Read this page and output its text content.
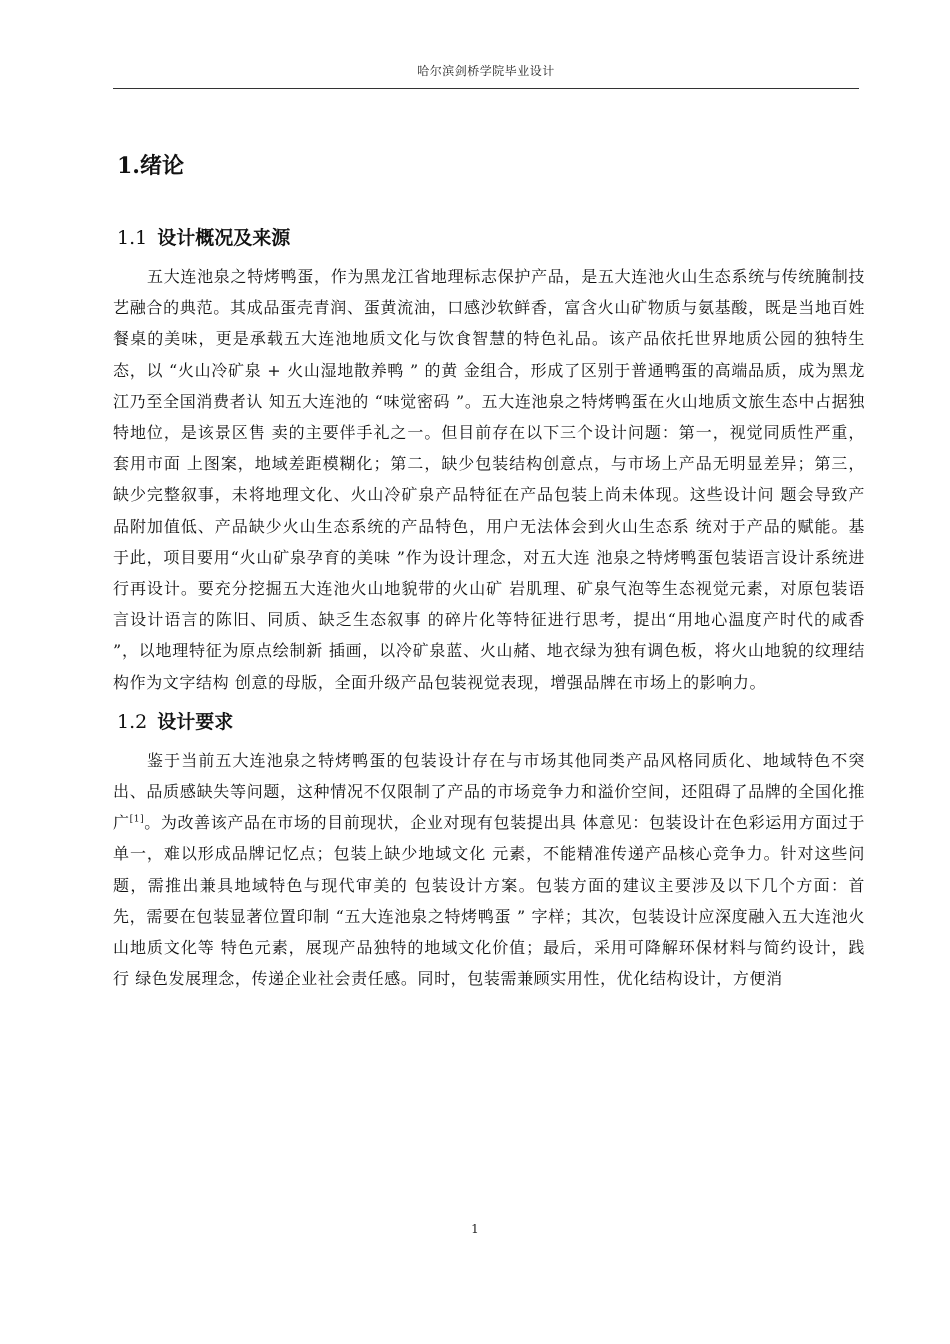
哈尔滨剑桥学院毕业设计
1.绪论
1.1 设计概况及来源

五大连池泉之特烤鸭蛋，作为黑龙江省地理标志保护产品，是五大连池火山生态系统与传统腌制技艺融合的典范。其成品蛋壳青润、蛋黄流油，口感沙软鲜香，富含火山矿物质与氨基酸，既是当地百姓餐桌的美味，更是承载五大连池地质文化与饮食智慧的特色礼品。该产品依托世界地质公园的独特生态，以 “火山冷矿泉 + 火山湿地散养鸭 ” 的黄 金组合，形成了区别于普通鸭蛋的高端品质，成为黑龙江乃至全国消费者认 知五大连池的 “味觉密码 ”。五大连池泉之特烤鸭蛋在火山地质文旅生态中占据独特地位，是该景区售 卖的主要伴手礼之一。但目前存在以下三个设计问题：第一，视觉同质性严重，套用市面 上图案，地域差距模糊化；第二，缺少包装结构创意点，与市场上产品无明显差异；第三， 缺少完整叙事，未将地理文化、火山冷矿泉产品特征在产品包装上尚未体现。这些设计问 题会导致产品附加值低、产品缺少火山生态系统的产品特色，用户无法体会到火山生态系 统对于产品的赋能。基于此，项目要用“火山矿泉孕育的美味 ”作为设计理念，对五大连 池泉之特烤鸭蛋包装语言设计系统进行再设计。要充分挖掘五大连池火山地貌带的火山矿 岩肌理、矿泉气泡等生态视觉元素，对原包装语言设计语言的陈旧、同质、缺乏生态叙事 的碎片化等特征进行思考，提出“用地心温度产时代的咸香 ”，以地理特征为原点绘制新 插画，以冷矿泉蓝、火山赭、地衣绿为独有调色板，将火山地貌的纹理结构作为文字结构 创意的母版，全面升级产品包装视觉表现，增强品牌在市场上的影响力。

1.2 设计要求

鉴于当前五大连池泉之特烤鸭蛋的包装设计存在与市场其他同类产品风格同质化、地域特色不突出、品质感缺失等问题，这种情况不仅限制了产品的市场竞争力和溢价空间，还阻碍了品牌的全国化推广[1]。为改善该产品在市场的目前现状，企业对现有包装提出具 体意见：包装设计在色彩运用方面过于单一，难以形成品牌记忆点；包装上缺少地域文化 元素，不能精准传递产品核心竞争力。针对这些问题，需推出兼具地域特色与现代审美的 包装设计方案。包装方面的建议主要涉及以下几个方面：首先，需要在包装显著位置印制 “五大连池泉之特烤鸭蛋 ” 字样；其次，包装设计应深度融入五大连池火山地质文化等 特色元素，展现产品独特的地域文化价值；最后，采用可降解环保材料与简约设计，践行 绿色发展理念，传递企业社会责任感。同时，包装需兼顾实用性，优化结构设计，方便消

1
